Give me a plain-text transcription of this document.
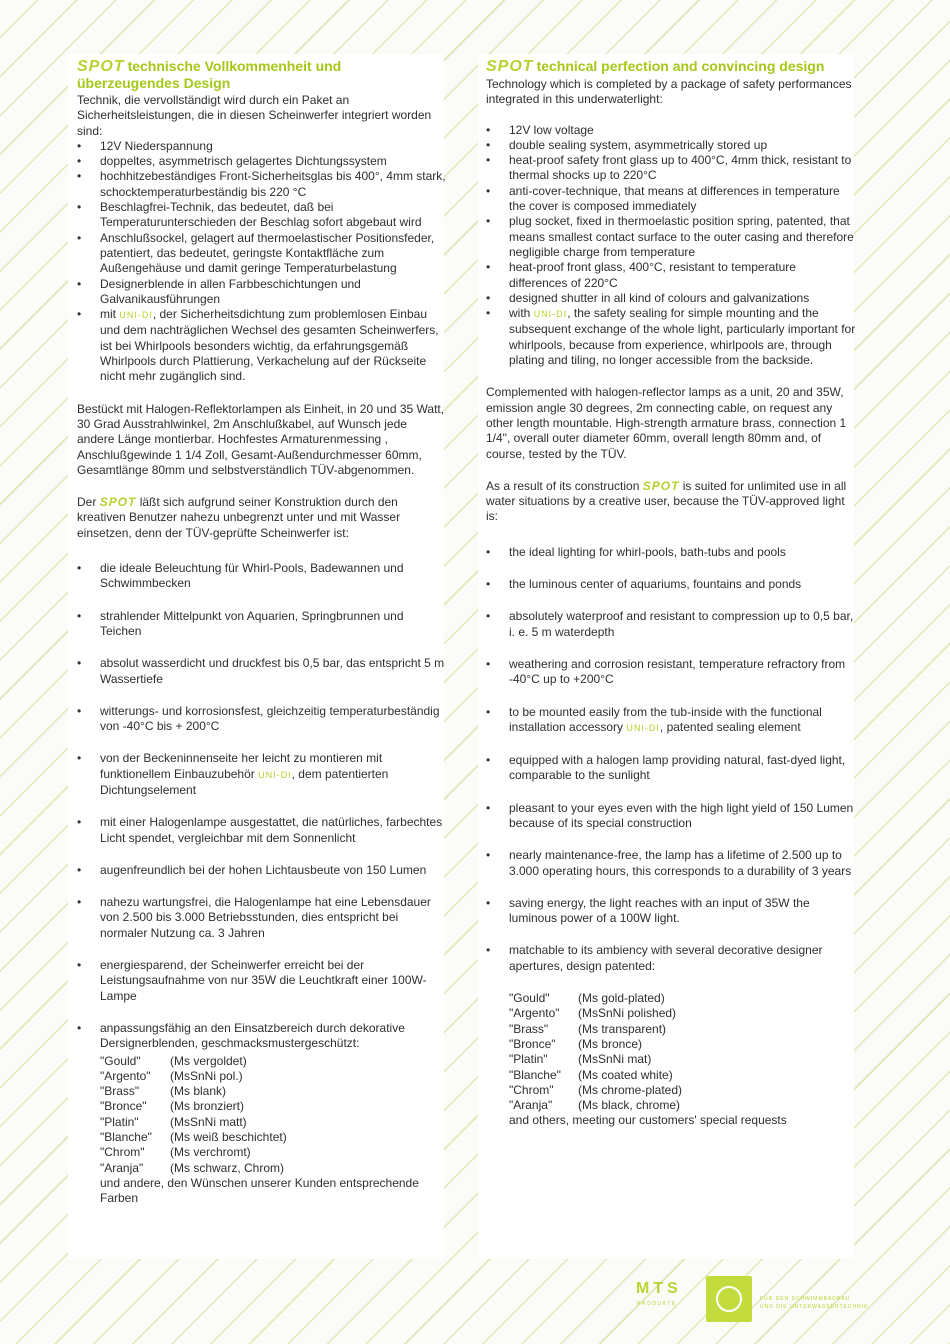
SPOT technische Vollkommenheit und überzeugendes Design

Technik, die vervollständigt wird durch ein Paket an Sicherheitsleistungen, die in diesen Scheinwerfer integriert worden sind:

• 12V Niederspannung
• doppeltes, asymmetrisch gelagertes Dichtungssystem
• hochhitzebeständiges Front-Sicherheitsglas bis 400°, 4mm stark, schocktemperaturbeständig bis 220 °C
• Beschlagfrei-Technik, das bedeutet, daß bei Temperaturunterschieden der Beschlag sofort abgebaut wird
• Anschlußsockel, gelagert auf thermoelastischer Positionsfeder, patentiert, das bedeutet, geringste Kontaktfläche zum Außengehäuse und damit geringe Temperaturbelastung
• Designerblende in allen Farbbeschichtungen und Galvanikausführungen
• mit UNI-DI, der Sicherheitsdichtung zum problemlosen Einbau und dem nachträglichen Wechsel des gesamten Scheinwerfers, ist bei Whirlpools besonders wichtig, da erfahrungsgemäß Whirlpools durch Plattierung, Verkachelung auf der Rückseite nicht mehr zugänglich sind.

Bestückt mit Halogen-Reflektorlampen als Einheit, in 20 und 35 Watt, 30 Grad Ausstrahlwinkel, 2m Anschlußkabel, auf Wunsch jede andere Länge montierbar. Hochfestes Armaturenmessing , Anschlußgewinde 1 1/4 Zoll, Gesamt-Außendurchmesser 60mm, Gesamtlänge 80mm und selbstverständlich TÜV-abgenommen.

Der SPOT läßt sich aufgrund seiner Konstruktion durch den kreativen Benutzer nahezu unbegrenzt unter und mit Wasser einsetzen, denn der TÜV-geprüfte Scheinwerfer ist:

• die ideale Beleuchtung für Whirl-Pools, Badewannen und Schwimmbecken
• strahlender Mittelpunkt von Aquarien, Springbrunnen und Teichen
• absolut wasserdicht und druckfest bis 0,5 bar, das entspricht 5 m Wassertiefe
• witterungs- und korrosionsfest, gleichzeitig temperaturbeständig von -40°C bis + 200°C
• von der Beckeninnenseite her leicht zu montieren mit funktionellem Einbauzubehör UNI-DI, dem patentierten Dichtungselement
• mit einer Halogenlampe ausgestattet, die natürliches, farbechtes Licht spendet, vergleichbar mit dem Sonnenlicht
• augenfreundlich bei der hohen Lichtausbeute von 150 Lumen
• nahezu wartungsfrei, die Halogenlampe hat eine Lebensdauer von 2.500 bis 3.000 Betriebsstunden, dies entspricht bei normaler Nutzung ca. 3 Jahren
• energiesparend, der Scheinwerfer erreicht bei der Leistungsaufnahme von nur 35W die Leuchtkraft einer 100W-Lampe
• anpassungsfähig an den Einsatzbereich durch dekorative Dersignerblenden, geschmacksmustergeschützt:
"Gould"	(Ms vergoldet)
"Argento"	(MsSnNi pol.)
"Brass"	(Ms blank)
"Bronce"	(Ms bronziert)
"Platin"	(MsSnNi matt)
"Blanche"	(Ms weiß beschichtet)
"Chrom"	(Ms verchromt)
"Aranja"	(Ms schwarz, Chrom)
und andere, den Wünschen unserer Kunden entsprechende Farben
SPOT technical perfection and convincing design

Technology which is completed by a package of safety performances integrated in this underwaterlight:

• 12V low voltage
• double sealing system, asymmetrically stored up
• heat-proof safety front glass up to 400°C, 4mm thick, resistant to thermal shocks up to 220°C
• anti-cover-technique, that means at differences in temperature the cover is composed immediately
• plug socket, fixed in thermoelastic position spring, patented, that means smallest contact surface to the outer casing and therefore negligible charge from temperature
• heat-proof front glass, 400°C, resistant to temperature differences of 220°C
• designed shutter in all kind of colours and galvanizations
• with UNI-DI, the safety sealing for simple mounting and the subsequent exchange of the whole light, particularly important for whirlpools, because from experience, whirlpools are, through plating and tiling, no longer accessible from the backside.

Complemented with halogen-reflector lamps as a unit, 20 and 35W, emission angle 30 degrees, 2m connecting cable, on request any other length mountable. High-strength armature brass, connection 1 1/4", overall outer diameter 60mm, overall length 80mm and, of course, tested by the TÜV.

As a result of its construction SPOT is suited for unlimited use in all water situations by a creative user, because the TÜV-approved light is:

• the ideal lighting for whirl-pools, bath-tubs and pools
• the luminous center of aquariums, fountains and ponds
• absolutely waterproof and resistant to compression up to 0,5 bar, i. e. 5 m waterdepth
• weathering and corrosion resistant, temperature refractory from -40°C up to +200°C
• to be mounted easily from the tub-inside with the functional installation accessory UNI-DI, patented sealing element
• equipped with a halogen lamp providing natural, fast-dyed light, comparable to the sunlight
• pleasant to your eyes even with the high light yield of 150 Lumen because of its special construction
• nearly maintenance-free, the lamp has a lifetime of 2.500 up to 3.000 operating hours, this corresponds to a durability of 3 years
• saving energy, the light reaches with an input of 35W the luminous power of a 100W light.
• matchable to its ambiency with several decorative designer apertures, design patented:
"Gould"	(Ms gold-plated)
"Argento"	(MsSnNi polished)
"Brass"	(Ms transparent)
"Bronce"	(Ms bronce)
"Platin"	(MsSnNi mat)
"Blanche"	(Ms coated white)
"Chrom"	(Ms chrome-plated)
"Aranja"	(Ms black, chrome)
and others, meeting our customers' special requests
MTS
PRODUKTE
FÜR DEN SCHWIMMBADBAU
UND DIE UNTERWASSERTECHNIK
